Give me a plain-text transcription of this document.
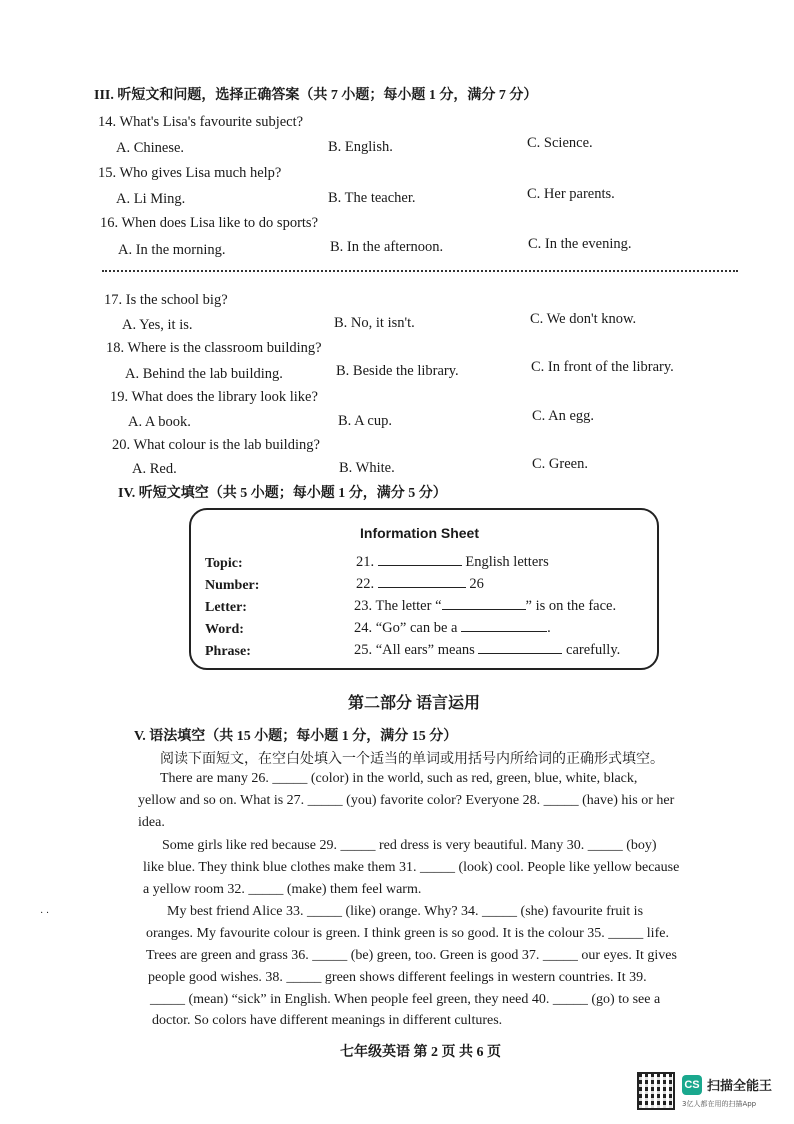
III. 听短文和问题，选择正确答案（共 7 小题；每小题 1 分，满分 7 分）
14. What's Lisa's favourite subject?
A. Chinese.	B. English.	C. Science.
15. Who gives Lisa much help?
A. Li Ming.	B. The teacher.	C. Her parents.
16. When does Lisa like to do sports?
A. In the morning.	B. In the afternoon.	C. In the evening.
17. Is the school big?
A. Yes, it is.	B. No, it isn't.	C. We don't know.
18. Where is the classroom building?
A. Behind the lab building.	B. Beside the library.	C. In front of the library.
19. What does the library look like?
A. A book.	B. A cup.	C. An egg.
20. What colour is the lab building?
A. Red.	B. White.	C. Green.
IV. 听短文填空（共 5 小题；每小题 1 分，满分 5 分）
Information Sheet
Topic:	21.	English letters
Number:	22.	26
Letter:	23. The letter “	” is on the face.
Word:	24. “Go” can be a	.
Phrase:	25. “All ears” means	carefully.
第二部分 语言运用
V. 语法填空（共 15 小题；每小题 1 分，满分 15 分）
阅读下面短文，在空白处填入一个适当的单词或用括号内所给词的正确形式填空。
There are many 26. _____ (color) in the world, such as red, green, blue, white, black,
yellow and so on. What is 27. _____ (you) favorite color? Everyone 28. _____ (have) his or her
idea.
Some girls like red because 29. _____ red dress is very beautiful. Many 30. _____ (boy)
like blue. They think blue clothes make them 31. _____ (look) cool. People like yellow because
a yellow room 32. _____ (make) them feel warm.
My best friend Alice 33. _____ (like) orange. Why? 34. _____ (she) favourite fruit is
oranges. My favourite colour is green. I think green is so good. It is the colour 35. _____ life.
Trees are green and grass 36. _____ (be) green, too. Green is good 37. _____ our eyes. It gives
people good wishes. 38. _____ green shows different feelings in western countries. It 39.
_____ (mean) “sick” in English. When people feel green, they need 40. _____ (go) to see a
doctor. So colors have different meanings in different cultures.
· ·
七年级英语 第 2 页 共 6 页
CS 扫描全能王
3亿人都在用的扫描App
